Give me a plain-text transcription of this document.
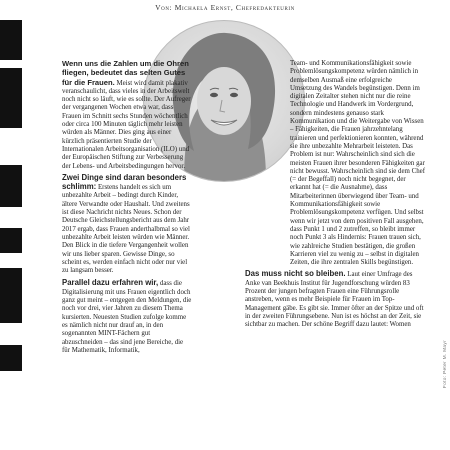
Von: Michaela Ernst, Chefredakteurin

Wenn uns die Zahlen um die Ohren fliegen, bedeutet das selten Gutes für die Frauen. Meist wird damit plakativ veranschaulicht, dass vieles in der Arbeitswelt noch nicht so läuft, wie es sollte. Der Aufreger der vergangenen Wochen etwa war, dass Frauen im Schnitt sechs Stunden wöchentlich oder circa 100 Minuten täglich mehr leisten würden als Männer. Dies ging aus einer kürzlich präsentierten Studie der Internationalen Arbeitsorganisation (ILO) und der Europäischen Stiftung zur Verbesserung der Lebens- und Arbeitsbedingungen hervor.

Zwei Dinge sind daran besonders schlimm: Erstens handelt es sich um unbezahlte Arbeit – bedingt durch Kinder, ältere Verwandte oder Haushalt. Und zweitens ist diese Nachricht nichts Neues. Schon der Deutsche Gleichstellungsbericht aus dem Jahr 2017 ergab, dass Frauen anderthalbmal so viel unbezahlte Arbeit leisten würden wie Männer. Den Blick in die tiefere Vergangenheit wollen wir uns lieber sparen. Gewisse Dinge, so scheint es, werden einfach nicht oder nur viel zu langsam besser.

Parallel dazu erfahren wir, dass die Digitalisierung mit uns Frauen eigentlich doch ganz gut meint – entgegen den Meldungen, die noch vor drei, vier Jahren zu diesem Thema kursierten. Neuesten Studien zufolge komme es nämlich nicht nur drauf an, in den sogenannten MINT-Fächern gut abzuschneiden – das sind jene Bereiche, die für Mathematik, Informatik,

Team- und Kommunikationsfähigkeit sowie Problemlösungskompetenz würden nämlich in demselben Ausmaß eine erfolgreiche Umsetzung des Wandels begünstigen. Denn im digitalen Zeitalter stehen nicht nur die reine Technologie und Handwerk im Vordergrund, sondern mindestens genauso stark Kommunikation und die Weitergabe von Wissen – Fähigkeiten, die Frauen jahrzehntelang trainieren und perfektionieren konnten, während sie ihre unbezahlte Mehrarbeit leisteten. Das Problem ist nur: Wahrscheinlich sind sich die meisten Frauen ihrer besonderen Fähigkeiten gar nicht bewusst. Wahrscheinlich sind sie dem Chef (= der Begeffall) noch nicht begegnet, der erkannt hat (= die Ausnahme), dass Mitarbeiterinnen überwiegend über Team- und Kommunikationsfähigkeit sowie Problemlösungskompetenz verfügen. Und selbst wenn wir jetzt von dem positiven Fall ausgehen, dass Punkt 1 und 2 zutreffen, so bleibt immer noch Punkt 3 als Hindernis: Frauen trauen sich, wie zahlreiche Studien bestätigen, die großen Karrieren viel zu wenig zu – selbst in digitalen Zeiten, die ihre zentralen Skills begünstigen.

Das muss nicht so bleiben. Laut einer Umfrage des Anke van Beekhuis Institut für Jugendforschung würden 83 Prozent der jungen befragten Frauen eine Führungsrolle anstreben, wenn es mehr Beispiele für Frauen im Top-Management gäbe. Es gibt sie. Immer öfter an der Spitze und oft in der zweiten Führungsebene. Nun ist es höchst an der Zeit, sie sichtbar zu machen. Der schöne Begriff dazu lautet: Women

Foto: Peter M. Mayr
